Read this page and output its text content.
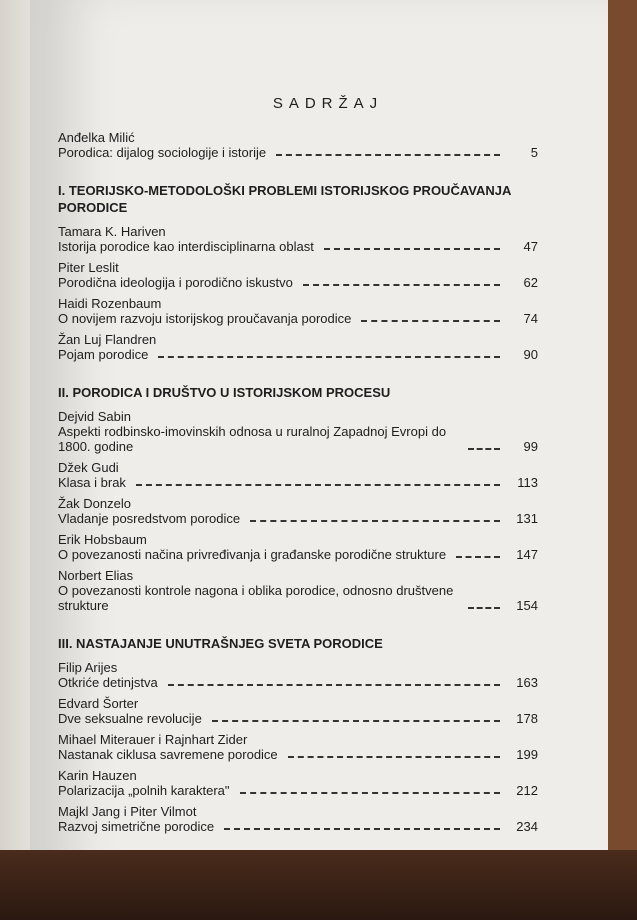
SADRŽAJ
Anđelka Milić
Porodica: dijalog sociologije i istorije	5
I. TEORIJSKO-METODOLOŠKI PROBLEMI ISTORIJSKOG PROUČAVANJA PORODICE
Tamara K. Hariven
Istorija porodice kao interdisciplinarna oblast	47
Piter Leslit
Porodična ideologija i porodično iskustvo	62
Haidi Rozenbaum
O novijem razvoju istorijskog proučavanja porodice	74
Žan Luj Flandren
Pojam porodice	90
II. PORODICA I DRUŠTVO U ISTORIJSKOM PROCESU
Dejvid Sabin
Aspekti rodbinsko-imovinskih odnosa u ruralnoj Zapadnoj Evropi do 1800. godine	99
Džek Gudi
Klasa i brak	113
Žak Donzelo
Vladanje posredstvom porodice	131
Erik Hobsbaum
O povezanosti načina privređivanja i građanske porodične strukture	147
Norbert Elias
O povezanosti kontrole nagona i oblika porodice, odnosno društvene strukture	154
III. NASTAJANJE UNUTRAŠNJEG SVETA PORODICE
Filip Arijes
Otkriće detinjstva	163
Edvard Šorter
Dve seksualne revolucije	178
Mihael Miterauer i Rajnhart Zider
Nastanak ciklusa savremene porodice	199
Karin Hauzen
Polarizacija „polnih karaktera"	212
Majkl Jang i Piter Vilmot
Razvoj simetrične porodice	234
